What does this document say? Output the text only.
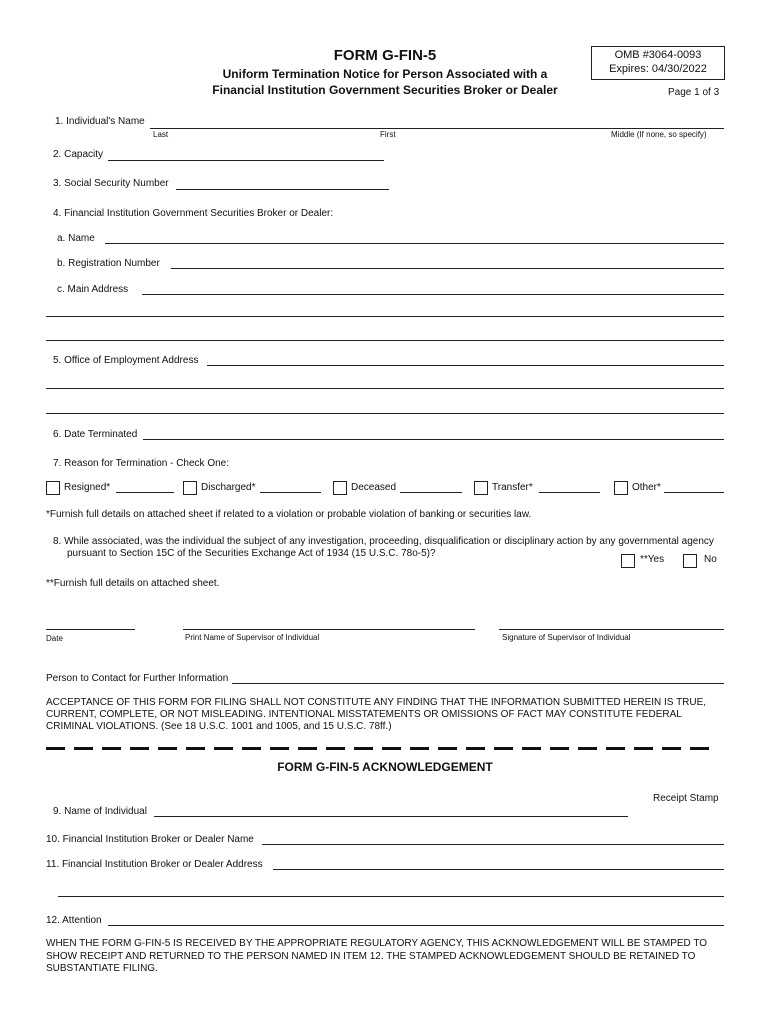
FORM G-FIN-5
Uniform Termination Notice for Person Associated with a
Financial Institution Government Securities Broker or Dealer
OMB #3064-0093
Expires: 04/30/2022
Page 1 of 3
1. Individual's Name
Last	First	Middle (If none, so specify)
2. Capacity
3. Social Security Number
4. Financial Institution Government Securities Broker or Dealer:
a. Name
b. Registration Number
c. Main Address
5. Office of Employment Address
6. Date Terminated
7. Reason for Termination - Check One:
Resigned*	Discharged*	Deceased	Transfer*	Other*
*Furnish full details on attached sheet if related to a violation or probable violation of banking or securities law.
8. While associated, was the individual the subject of any investigation, proceeding, disqualification or disciplinary action by any governmental agency
pursuant to Section 15C of the Securities Exchange Act of 1934 (15 U.S.C. 78o-5)?
**Yes	No
**Furnish full details on attached sheet.
Date	Print Name of Supervisor of Individual	Signature of Supervisor of Individual
Person to Contact for Further Information
ACCEPTANCE OF THIS FORM FOR FILING SHALL NOT CONSTITUTE ANY FINDING THAT THE INFORMATION SUBMITTED HEREIN IS TRUE,
CURRENT, COMPLETE, OR NOT MISLEADING. INTENTIONAL MISSTATEMENTS OR OMISSIONS OF FACT MAY CONSTITUTE FEDERAL
CRIMINAL VIOLATIONS. (See 18 U.S.C. 1001 and 1005, and 15 U.S.C. 78ff.)
FORM G-FIN-5 ACKNOWLEDGEMENT
Receipt Stamp
9. Name of Individual
10. Financial Institution Broker or Dealer Name
11. Financial Institution Broker or Dealer Address
12. Attention
WHEN THE FORM G-FIN-5 IS RECEIVED BY THE APPROPRIATE REGULATORY AGENCY, THIS ACKNOWLEDGEMENT WILL BE STAMPED TO
SHOW RECEIPT AND RETURNED TO THE PERSON NAMED IN ITEM 12. THE STAMPED ACKNOWLEDGEMENT SHOULD BE RETAINED TO
SUBSTANTIATE FILING.
